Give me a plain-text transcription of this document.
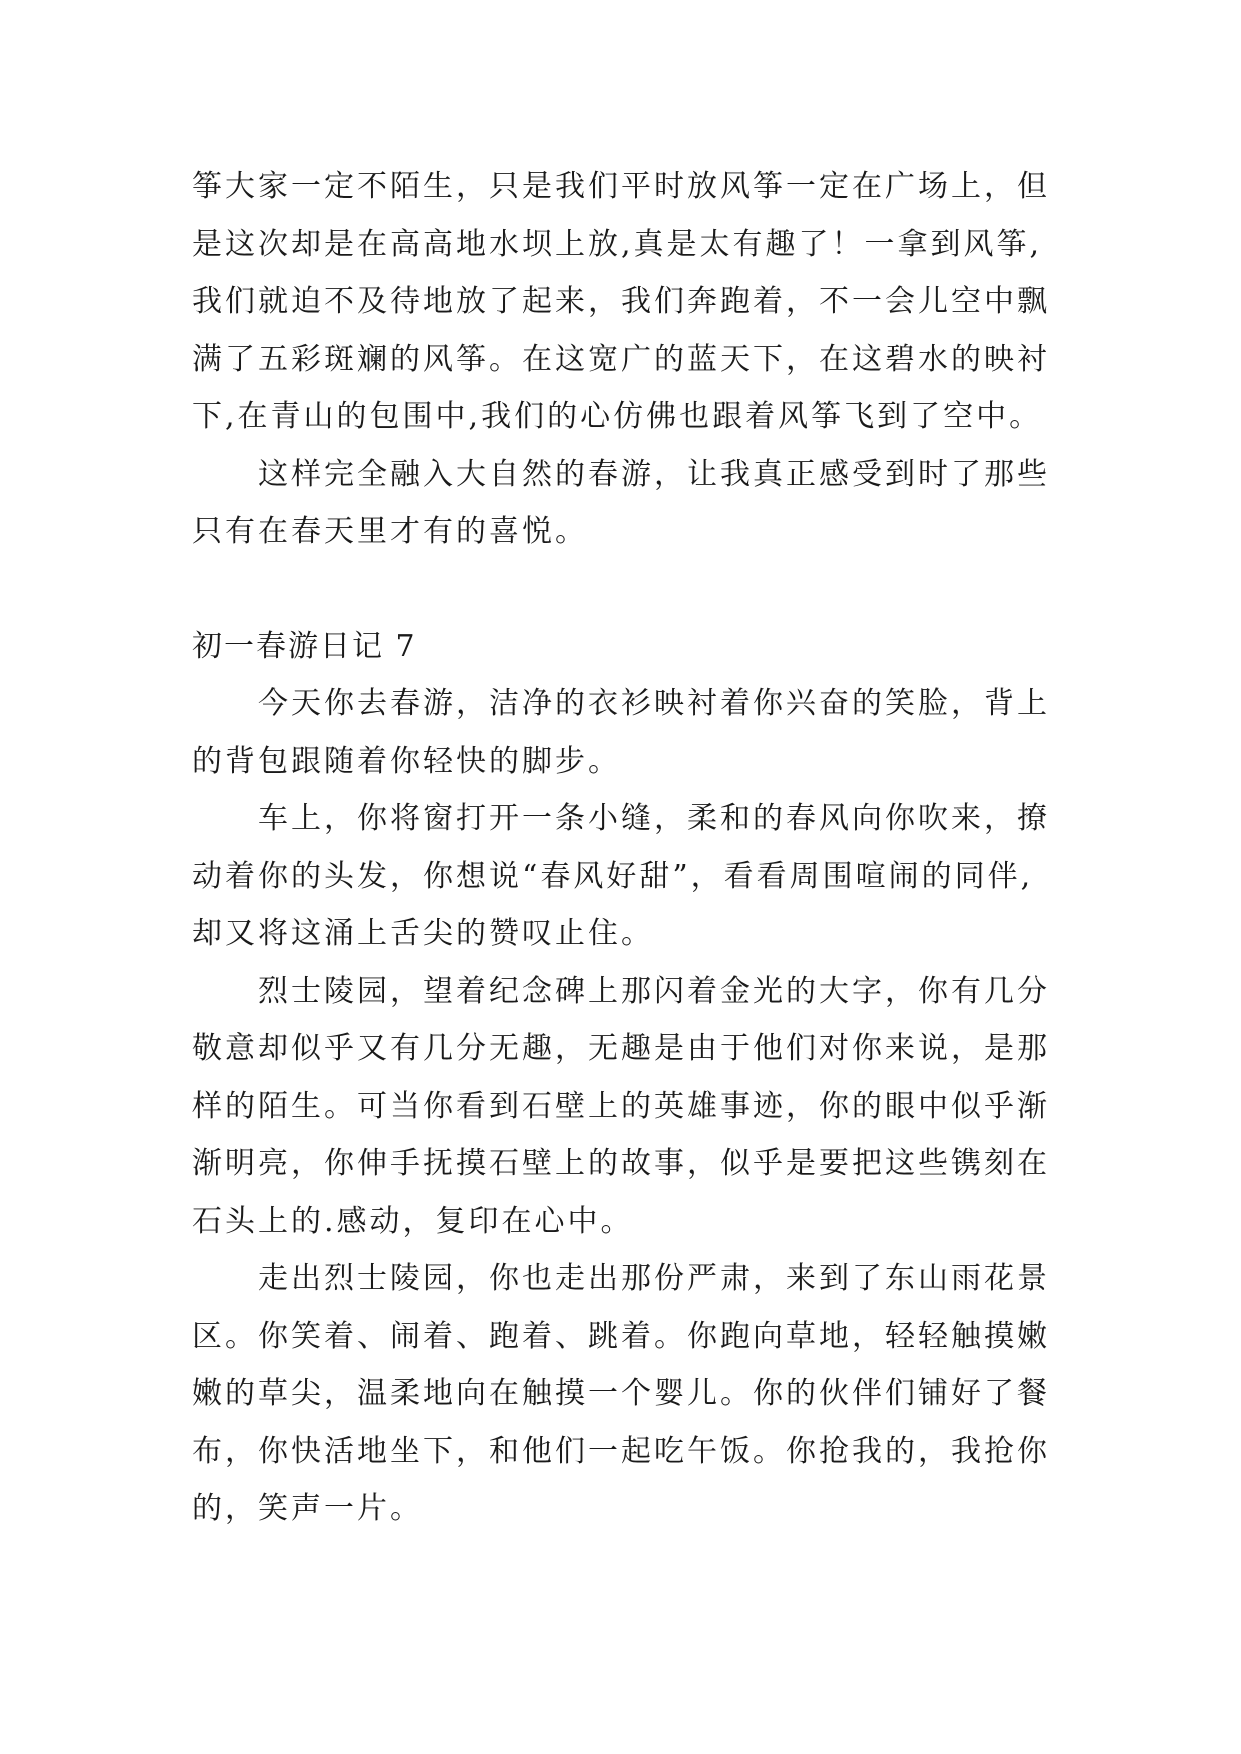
筝大家一定不陌生，只是我们平时放风筝一定在广场上，但
是这次却是在高高地水坝上放,真是太有趣了！一拿到风筝,
我们就迫不及待地放了起来，我们奔跑着，不一会儿空中飘
满了五彩斑斓的风筝。在这宽广的蓝天下，在这碧水的映衬
下,在青山的包围中,我们的心仿佛也跟着风筝飞到了空中。
这样完全融入大自然的春游，让我真正感受到时了那些
只有在春天里才有的喜悦。
初一春游日记 7
今天你去春游，洁净的衣衫映衬着你兴奋的笑脸，背上
的背包跟随着你轻快的脚步。
车上，你将窗打开一条小缝，柔和的春风向你吹来，撩
动着你的头发，你想说“春风好甜”，看看周围喧闹的同伴,
却又将这涌上舌尖的赞叹止住。
烈士陵园，望着纪念碑上那闪着金光的大字，你有几分
敬意却似乎又有几分无趣，无趣是由于他们对你来说，是那
样的陌生。可当你看到石壁上的英雄事迹，你的眼中似乎渐
渐明亮，你伸手抚摸石壁上的故事，似乎是要把这些镌刻在
石头上的.感动，复印在心中。
走出烈士陵园，你也走出那份严肃，来到了东山雨花景
区。你笑着、闹着、跑着、跳着。你跑向草地，轻轻触摸嫩
嫩的草尖，温柔地向在触摸一个婴儿。你的伙伴们铺好了餐
布，你快活地坐下，和他们一起吃午饭。你抢我的，我抢你
的，笑声一片。
